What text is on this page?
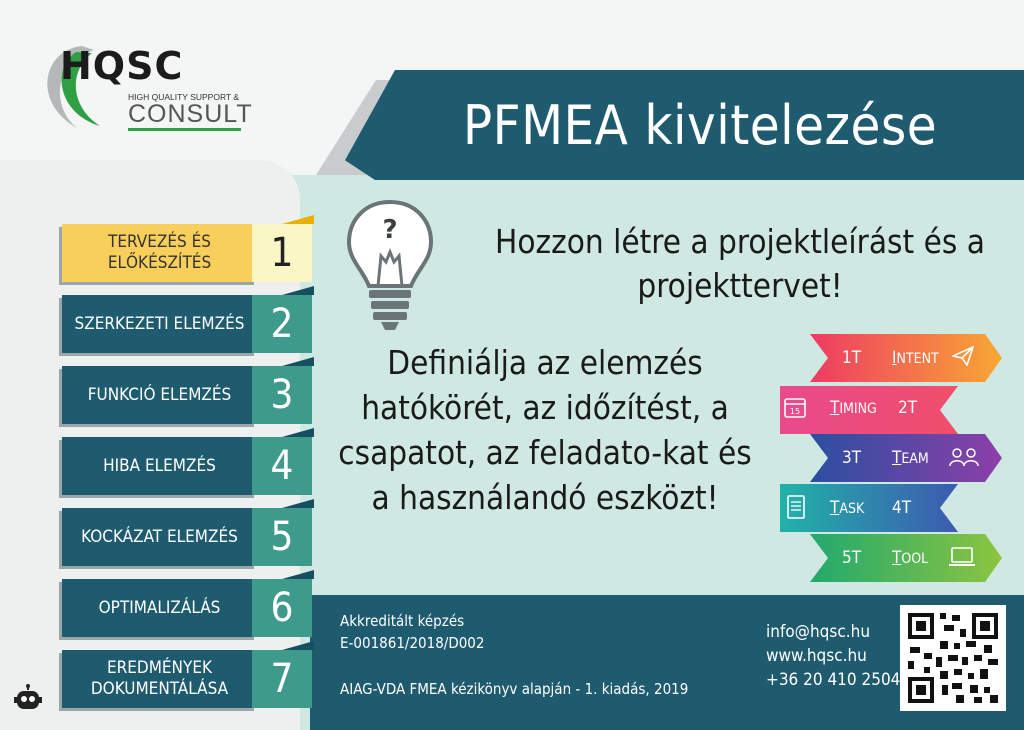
HQSC
HIGH QUALITY SUPPORT &
CONSULT	PFMEA kivitelezése
TERVEZÉS ÉS ELŐKÉSZÍTÉS	1
SZERKEZETI ELEMZÉS 2
FUNKCIÓ ELEMZÉS 3
HIBA ELEMZÉS	4
KOCKÁZAT ELEMZÉS 5
OPTIMALIZÁLÁS	6
EREDMÉNYEK DOKUMENTÁLÁSA	7
?	Hozzon létre a projektleírást és a projekttervet!
Definiálja az elemzés hatókörét, az időzítést, a csapatot, az feladato-kat és a használandó eszközt!
1T INTENT
15 TIMING 2T
3T TEAM
TASK 4T
5T TOOL
Akkreditált képzés
E-001861/2018/D002
AIAG-VDA FMEA kézikönyv alapján - 1. kiadás, 2019
info@hqsc.hu
www.hqsc.hu
+36 20 410 2504
